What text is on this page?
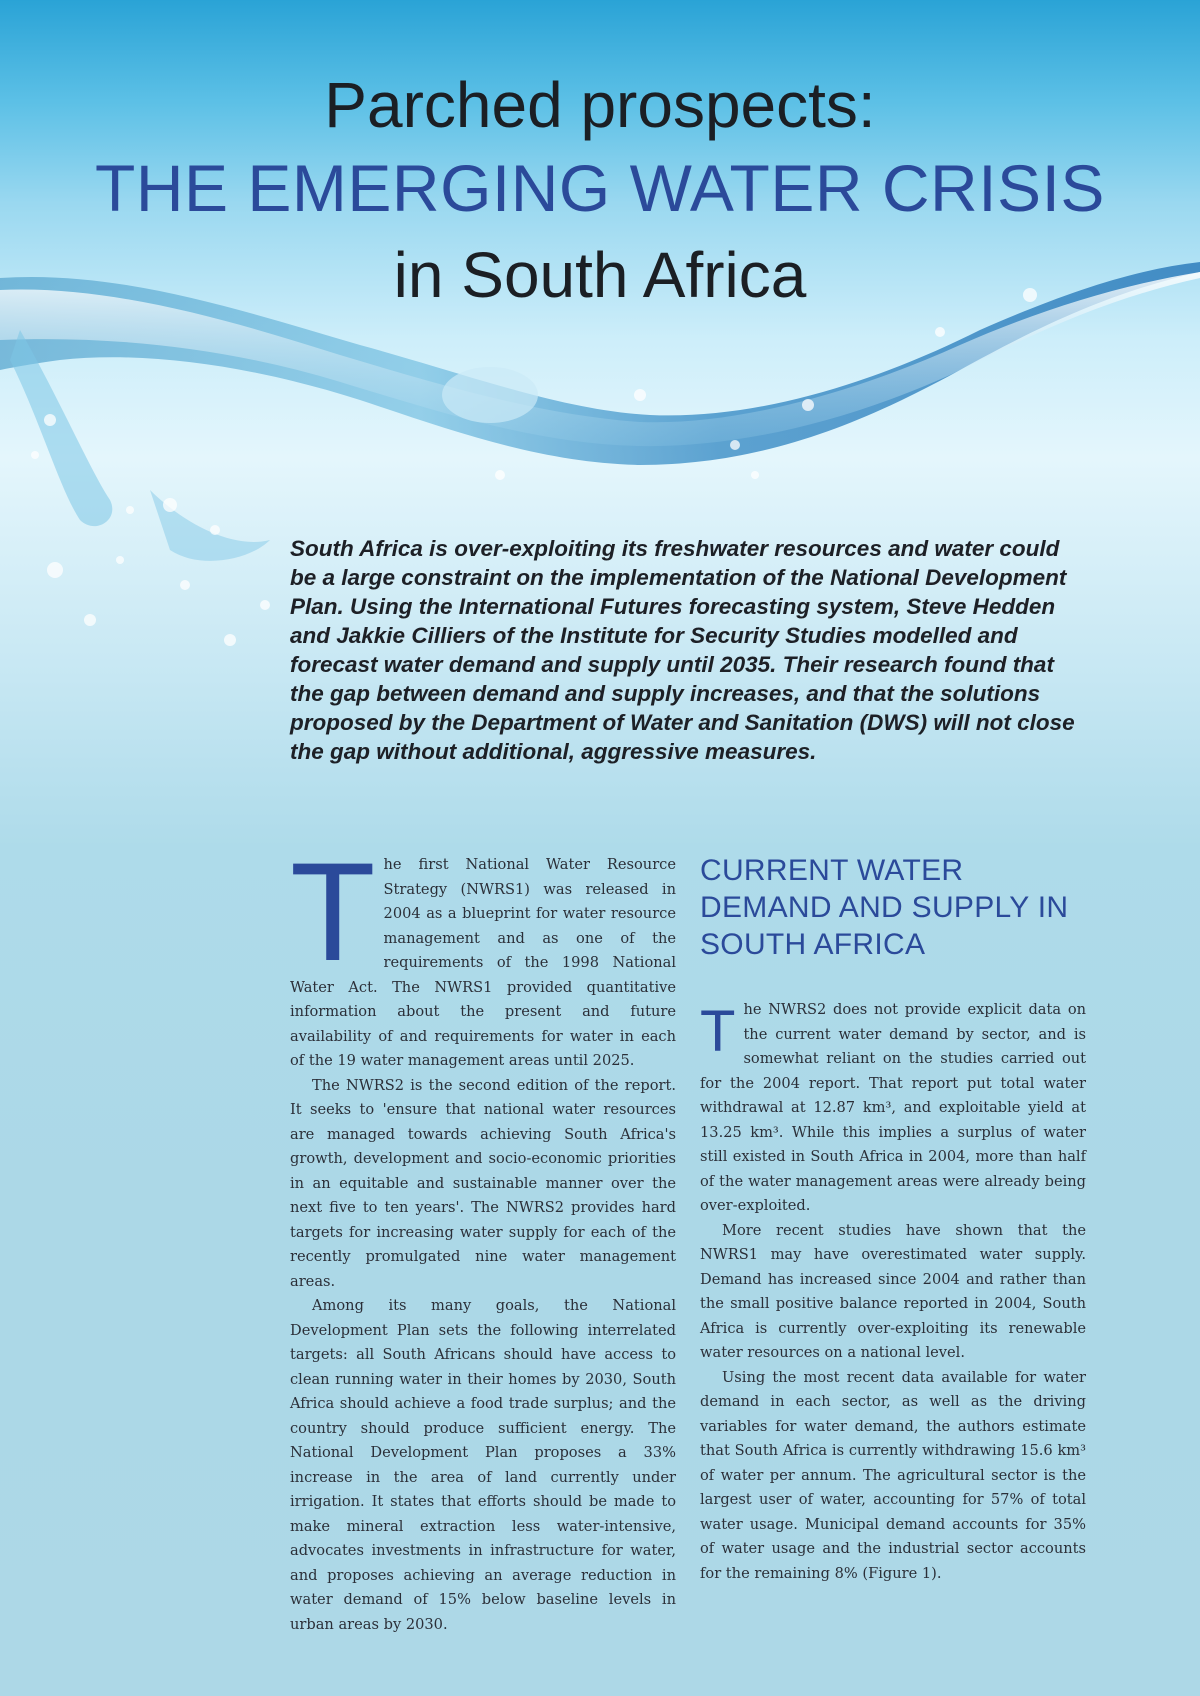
Parched prospects:
THE EMERGING WATER CRISIS
in South Africa

South Africa is over-exploiting its freshwater resources and water could be a large constraint on the implementation of the National Development Plan. Using the International Futures forecasting system, Steve Hedden and Jakkie Cilliers of the Institute for Security Studies modelled and forecast water demand and supply until 2035. Their research found that the gap between demand and supply increases, and that the solutions proposed by the Department of Water and Sanitation (DWS) will not close the gap without additional, aggressive measures.

The first National Water Resource Strategy (NWRS1) was released in 2004 as a blueprint for water resource management and as one of the requirements of the 1998 National Water Act. The NWRS1 provided quantitative information about the present and future availability of and requirements for water in each of the 19 water management areas until 2025.

The NWRS2 is the second edition of the report. It seeks to 'ensure that national water resources are managed towards achieving South Africa's growth, development and socio-economic priorities in an equitable and sustainable manner over the next five to ten years'. The NWRS2 provides hard targets for increasing water supply for each of the recently promulgated nine water management areas.

Among its many goals, the National Development Plan sets the following interrelated targets: all South Africans should have access to clean running water in their homes by 2030, South Africa should achieve a food trade surplus; and the country should produce sufficient energy. The National Development Plan proposes a 33% increase in the area of land currently under irrigation. It states that efforts should be made to make mineral extraction less water-intensive, advocates investments in infrastructure for water, and proposes achieving an average reduction in water demand of 15% below baseline levels in urban areas by 2030.

CURRENT WATER DEMAND AND SUPPLY IN SOUTH AFRICA

The NWRS2 does not provide explicit data on the current water demand by sector, and is somewhat reliant on the studies carried out for the 2004 report. That report put total water withdrawal at 12.87 km³, and exploitable yield at 13.25 km³. While this implies a surplus of water still existed in South Africa in 2004, more than half of the water management areas were already being over-exploited.

More recent studies have shown that the NWRS1 may have overestimated water supply. Demand has increased since 2004 and rather than the small positive balance reported in 2004, South Africa is currently over-exploiting its renewable water resources on a national level.

Using the most recent data available for water demand in each sector, as well as the driving variables for water demand, the authors estimate that South Africa is currently withdrawing 15.6 km³ of water per annum. The agricultural sector is the largest user of water, accounting for 57% of total water usage. Municipal demand accounts for 35% of water usage and the industrial sector accounts for the remaining 8% (Figure 1).
